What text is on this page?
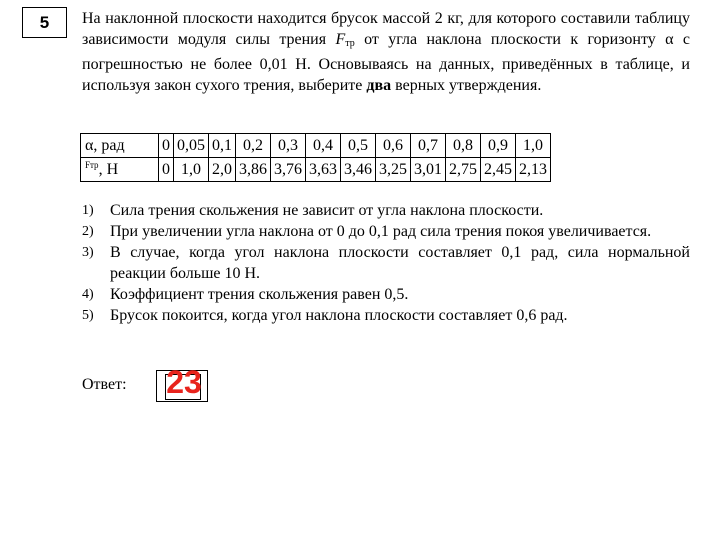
5 На наклонной плоскости находится брусок массой 2 кг, для которого составили таблицу зависимости модуля силы трения $F_{тр}$ от угла наклона плоскости к горизонту α с погрешностью не более 0,01 Н. Основываясь на данных, приведённых в таблице, и используя закон сухого трения, выберите два верных утверждения.
α, рад	0	0,05	0,1	0,2	0,3	0,4	0,5	0,6	0,7	0,8	0,9	1,0
$^{Fтр}$, Н	0	1,0	2,0	3,86	3,76	3,63	3,46	3,25	3,01	2,75	2,45	2,13
1) Сила трения скольжения не зависит от угла наклона плоскости.
2) При увеличении угла наклона от 0 до 0,1 рад сила трения покоя увеличивается.
3) В случае, когда угол наклона плоскости составляет 0,1 рад, сила нормальной реакции больше 10 Н.
4) Коэффициент трения скольжения равен 0,5.
5) Брусок покоится, когда угол наклона плоскости составляет 0,6 рад.
Ответ: 23
